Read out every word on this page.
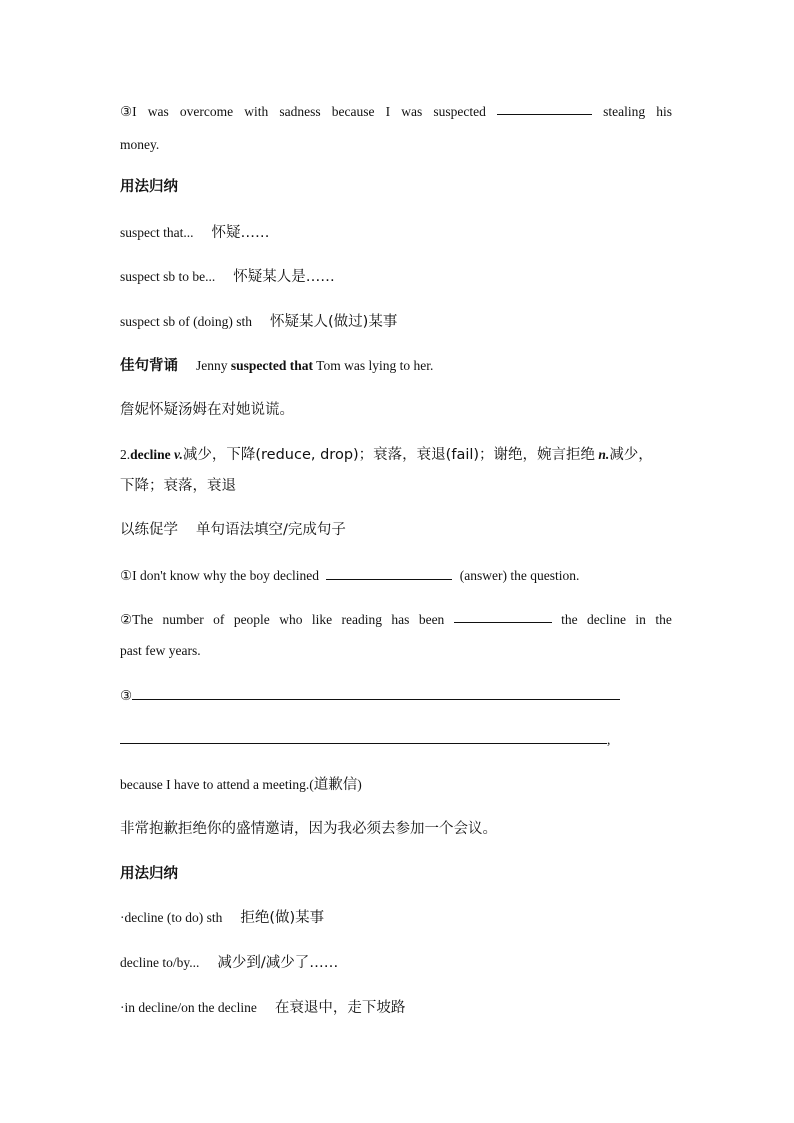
③I was overcome with sadness because I was suspected	stealing his
money.
用法归纳
suspect that... 怀疑……
suspect sb to be... 怀疑某人是……
suspect sb of (doing) sth 怀疑某人(做过)某事
佳句背诵 Jenny suspected that Tom was lying to her.
詹妮怀疑汤姆在对她说谎。
2.decline v.减少，下降(reduce, drop)；衰落，衰退(fail)；谢绝，婉言拒绝 n.减少，
下降；衰落，衰退
以练促学 单句语法填空/完成句子
①I don't know why the boy declined	(answer) the question.
②The number of people who like reading has been	the decline in the
past few years.
③
,
because I have to attend a meeting.(道歉信)
非常抱歉拒绝你的盛情邀请，因为我必须去参加一个会议。
用法归纳
·decline (to do) sth 拒绝(做)某事
decline to/by... 减少到/减少了……
·in decline/on the decline 在衰退中，走下坡路
